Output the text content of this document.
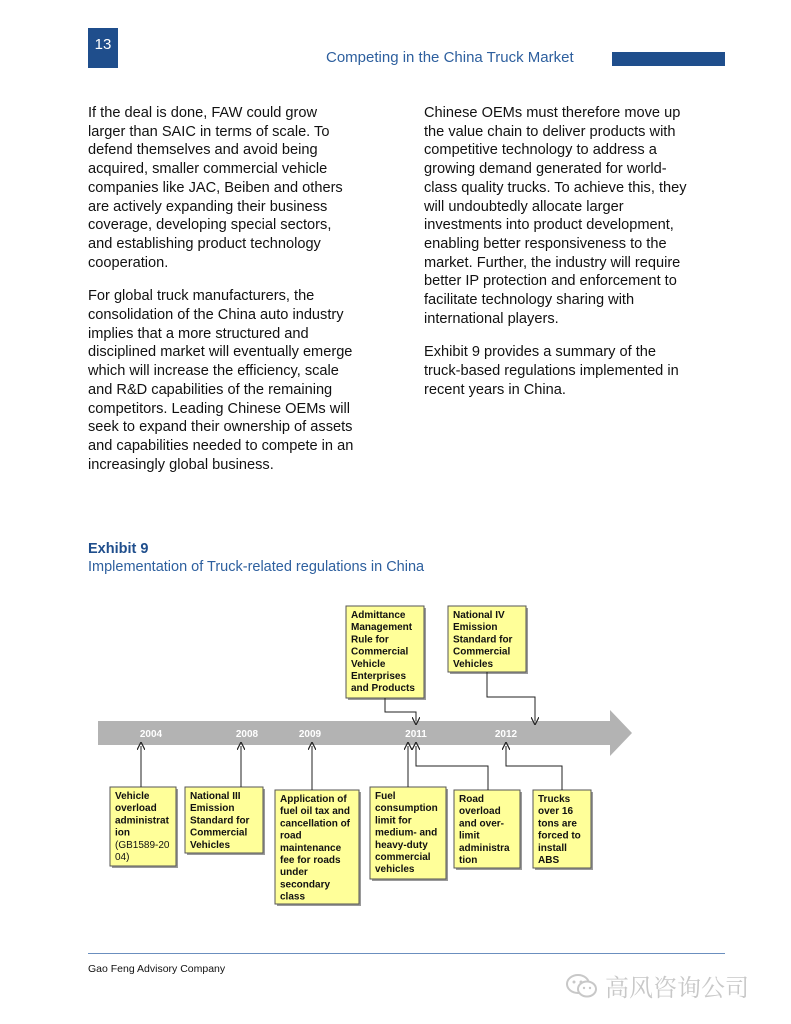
13
Competing in the China Truck Market

If the deal is done, FAW could grow
larger than SAIC in terms of scale. To
defend themselves and avoid being
acquired, smaller commercial vehicle
companies like JAC, Beiben and others
are actively expanding their business
coverage, developing special sectors,
and establishing product technology
cooperation.

For global truck manufacturers, the
consolidation of the China auto industry
implies that a more structured and
disciplined market will eventually emerge
which will increase the efficiency, scale
and R&D capabilities of the remaining
competitors. Leading Chinese OEMs will
seek to expand their ownership of assets
and capabilities needed to compete in an
increasingly global business.

Chinese OEMs must therefore move up
the value chain to deliver products with
competitive technology to address a
growing demand generated for world-
class quality trucks. To achieve this, they
will undoubtedly allocate larger
investments into product development,
enabling better responsiveness to the
market. Further, the industry will require
better IP protection and enforcement to
facilitate technology sharing with
international players.

Exhibit 9 provides a summary of the
truck-based regulations implemented in
recent years in China.

Exhibit 9
Implementation of Truck-related regulations in China
2004	2008	2009	2011	2012
Admittance
Management
Rule for
Commercial
Vehicle
Enterprises
and Products
National IV
Emission
Standard for
Commercial
Vehicles
Vehicle
overload
administrat
ion
(GB1589-20
04)
National III
Emission
Standard for
Commercial
Vehicles
Application of
fuel oil tax and
cancellation of
road
maintenance
fee for roads
under
secondary
class
Fuel
consumption
limit for
medium- and
heavy-duty
commercial
vehicles
Road
overload
and over-
limit
administra
tion
Trucks
over 16
tons are
forced to
install
ABS
Gao Feng Advisory Company
高风咨询公司
